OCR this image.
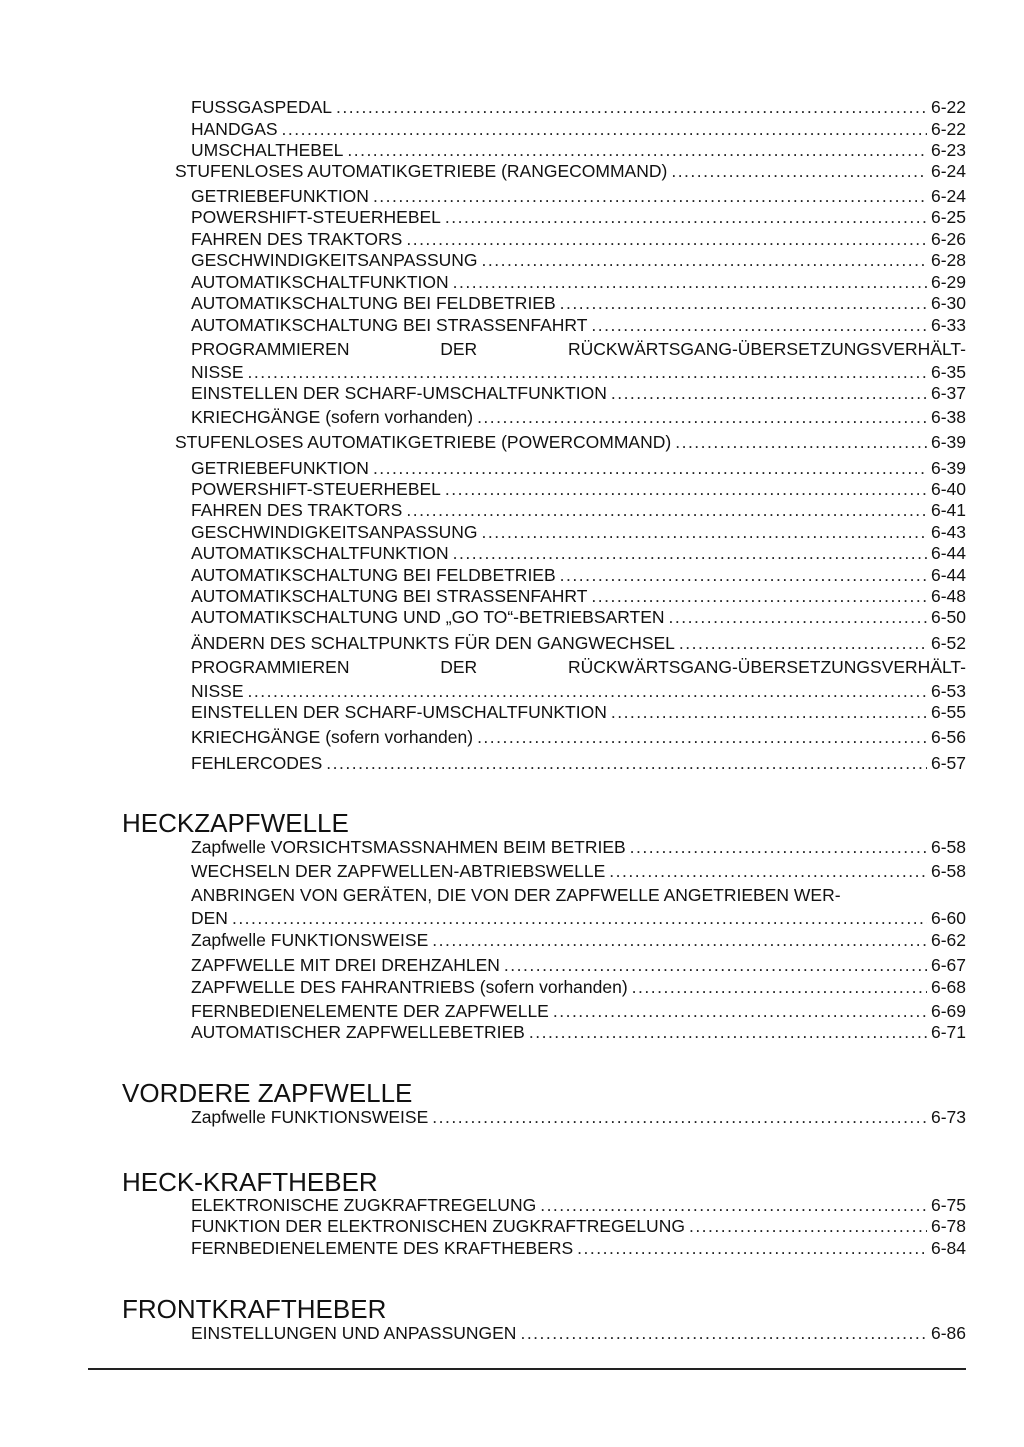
FUSSGASPEDAL .....	6-22
HANDGAS .....	6-22
UMSCHALTHEBEL .....	6-23
STUFENLOSES AUTOMATIKGETRIEBE (RANGECOMMAND) .....	6-24
GETRIEBEFUNKTION .....	6-24
POWERSHIFT-STEUERHEBEL .....	6-25
FAHREN DES TRAKTORS .....	6-26
GESCHWINDIGKEITSANPASSUNG .....	6-28
AUTOMATIKSCHALTFUNKTION .....	6-29
AUTOMATIKSCHALTUNG BEI FELDBETRIEB .....	6-30
AUTOMATIKSCHALTUNG BEI STRASSENFAHRT .....	6-33
PROGRAMMIEREN	DER	RÜCKWÄRTSGANG-ÜBERSETZUNGSVERHÄLT-
NISSE .....	6-35
EINSTELLEN DER SCHARF-UMSCHALTFUNKTION .....	6-37
KRIECHGÄNGE (sofern vorhanden) .....	6-38
STUFENLOSES AUTOMATIKGETRIEBE (POWERCOMMAND) .....	6-39
GETRIEBEFUNKTION .....	6-39
POWERSHIFT-STEUERHEBEL .....	6-40
FAHREN DES TRAKTORS .....	6-41
GESCHWINDIGKEITSANPASSUNG .....	6-43
AUTOMATIKSCHALTFUNKTION .....	6-44
AUTOMATIKSCHALTUNG BEI FELDBETRIEB .....	6-44
AUTOMATIKSCHALTUNG BEI STRASSENFAHRT .....	6-48
AUTOMATIKSCHALTUNG UND „GO TO“-BETRIEBSARTEN .....	6-50
ÄNDERN DES SCHALTPUNKTS FÜR DEN GANGWECHSEL .....	6-52
PROGRAMMIEREN	DER	RÜCKWÄRTSGANG-ÜBERSETZUNGSVERHÄLT-
NISSE .....	6-53
EINSTELLEN DER SCHARF-UMSCHALTFUNKTION .....	6-55
KRIECHGÄNGE (sofern vorhanden) .....	6-56
FEHLERCODES .....	6-57
HECKZAPFWELLE
Zapfwelle VORSICHTSMASSNAHMEN BEIM BETRIEB .....	6-58
WECHSELN DER ZAPFWELLEN-ABTRIEBSWELLE .....	6-58
ANBRINGEN VON GERÄTEN, DIE VON DER ZAPFWELLE ANGETRIEBEN WER-
DEN .....	6-60
Zapfwelle FUNKTIONSWEISE .....	6-62
ZAPFWELLE MIT DREI DREHZAHLEN .....	6-67
ZAPFWELLE DES FAHRANTRIEBS (sofern vorhanden) .....	6-68
FERNBEDIENELEMENTE DER ZAPFWELLE .....	6-69
AUTOMATISCHER ZAPFWELLEBETRIEB .....	6-71
VORDERE ZAPFWELLE
Zapfwelle FUNKTIONSWEISE .....	6-73
HECK-KRAFTHEBER
ELEKTRONISCHE ZUGKRAFTREGELUNG .....	6-75
FUNKTION DER ELEKTRONISCHEN ZUGKRAFTREGELUNG .....	6-78
FERNBEDIENELEMENTE DES KRAFTHEBERS .....	6-84
FRONTKRAFTHEBER
EINSTELLUNGEN UND ANPASSUNGEN .....	6-86
